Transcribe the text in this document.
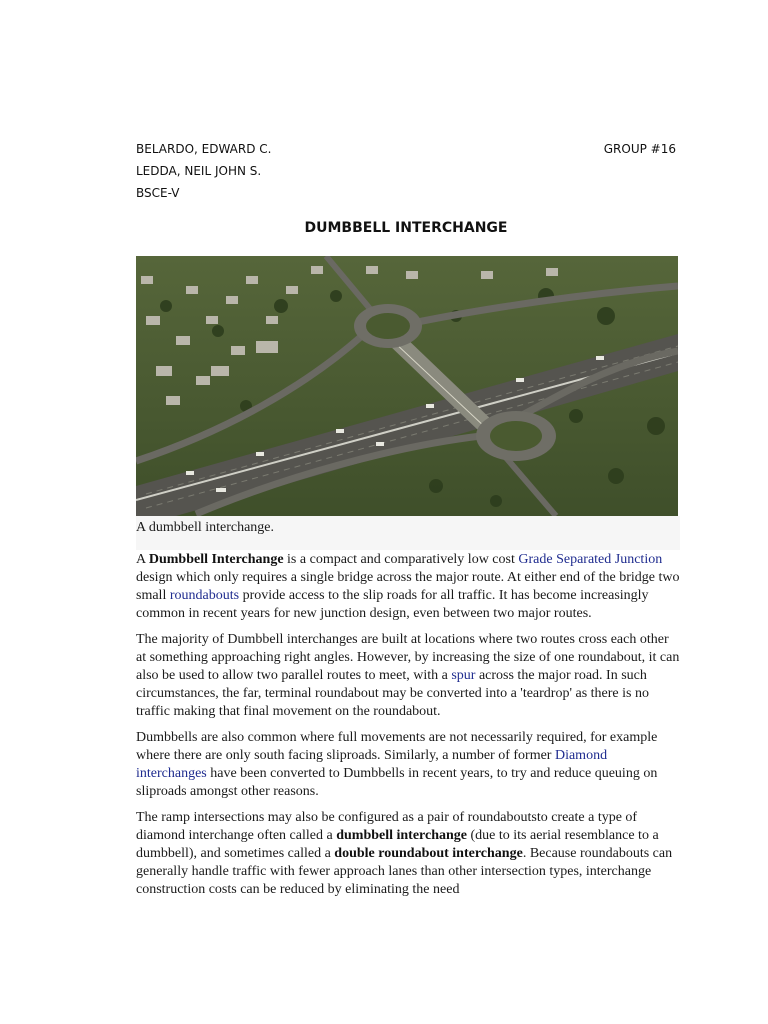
BELARDO, EDWARD C.
LEDDA, NEIL JOHN S.
BSCE-V
GROUP #16
DUMBBELL INTERCHANGE
A dumbbell interchange.

A Dumbbell Interchange is a compact and comparatively low cost Grade Separated Junction design which only requires a single bridge across the major route. At either end of the bridge two small roundabouts provide access to the slip roads for all traffic. It has become increasingly common in recent years for new junction design, even between two major routes.

The majority of Dumbbell interchanges are built at locations where two routes cross each other at something approaching right angles. However, by increasing the size of one roundabout, it can also be used to allow two parallel routes to meet, with a spur across the major road. In such circumstances, the far, terminal roundabout may be converted into a 'teardrop' as there is no traffic making that final movement on the roundabout.

Dumbbells are also common where full movements are not necessarily required, for example where there are only south facing sliproads. Similarly, a number of former Diamond interchanges have been converted to Dumbbells in recent years, to try and reduce queuing on sliproads amongst other reasons.

The ramp intersections may also be configured as a pair of roundaboutsto create a type of diamond interchange often called a dumbbell interchange (due to its aerial resemblance to a dumbbell), and sometimes called a double roundabout interchange. Because roundabouts can generally handle traffic with fewer approach lanes than other intersection types, interchange construction costs can be reduced by eliminating the need
